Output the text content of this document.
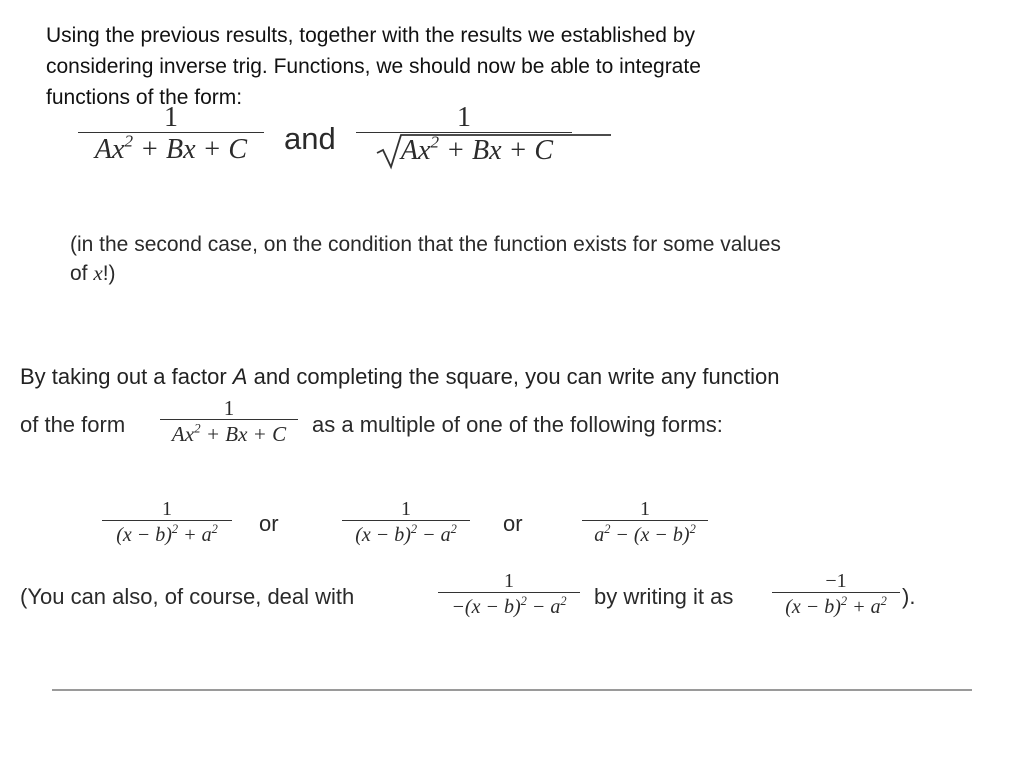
Using the previous results, together with the results we established by

considering inverse trig. Functions, we should now be able to integrate

functions of the form:

1
$Ax^2 + Bx + C$ and
1
$Ax^2 + Bx + C$
(in the second case, on the condition that the function exists for some values
of x!)
By taking out a factor A and completing the square, you can write any function
of the form
1
$Ax^2 + Bx + C$ as a multiple of one of the following forms:
1
$(x - b)^2 + a^2$ or
1
$(x - b)^2 - a^2$ or
1
$a^2 - (x - b)^2$
(You can also, of course, deal with
1
$-(x - b)^2 - a^2$ by writing it as
−1
$(x - b)^2 + a^2$ ).
